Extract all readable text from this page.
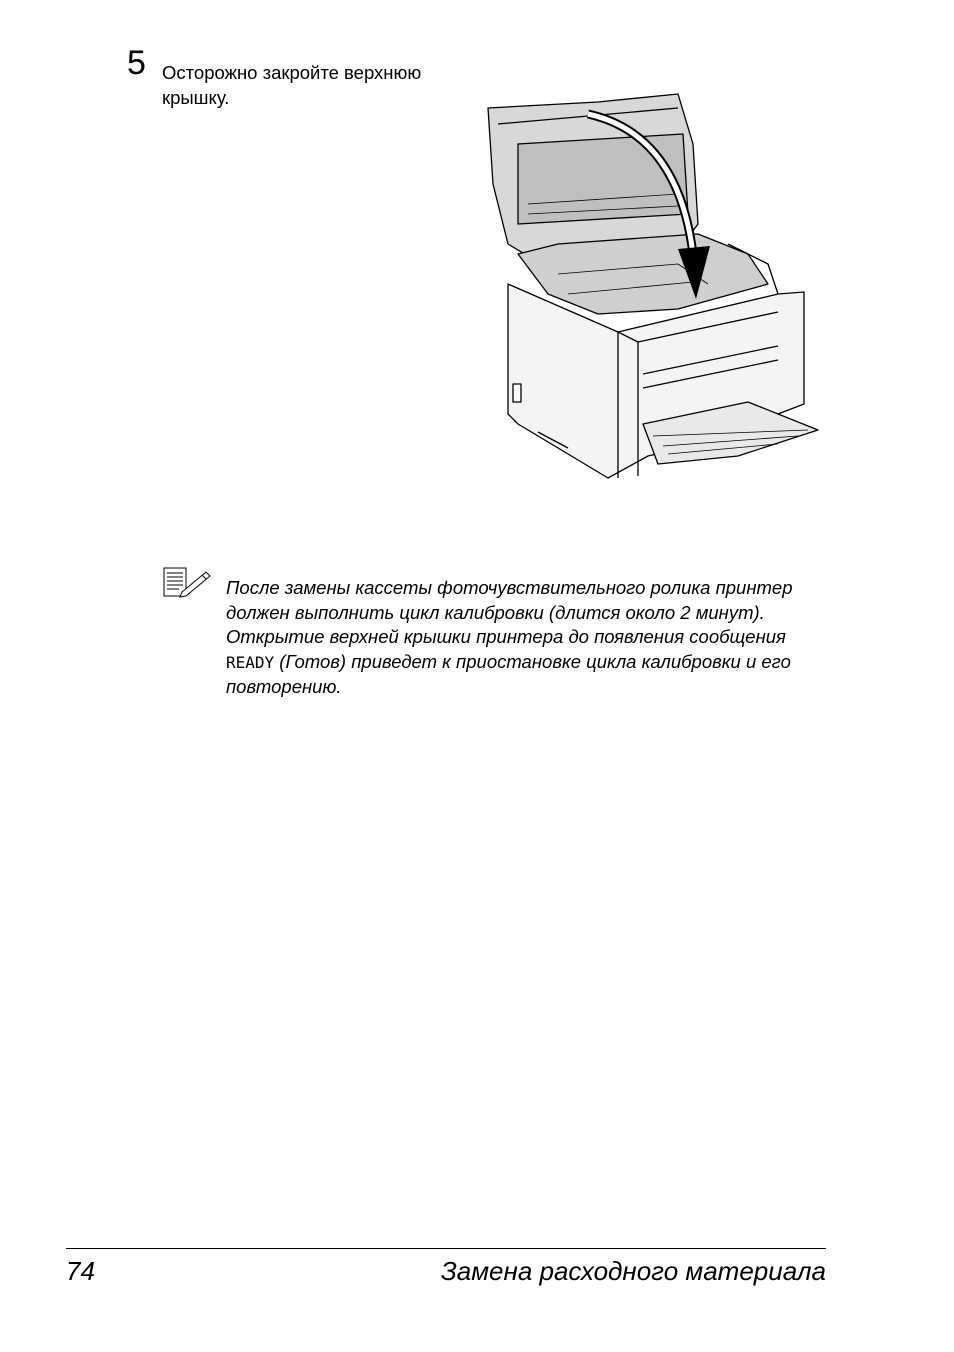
5 Осторожно закройте верхнюю крышку.
После замены кассеты фоточувствительного ролика принтер должен выполнить цикл калибровки (длится около 2 минут). Открытие верхней крышки принтера до появления сообщения READY (Готов) приведет к приостановке цикла калибровки и его повторению.
74	Замена расходного материала
